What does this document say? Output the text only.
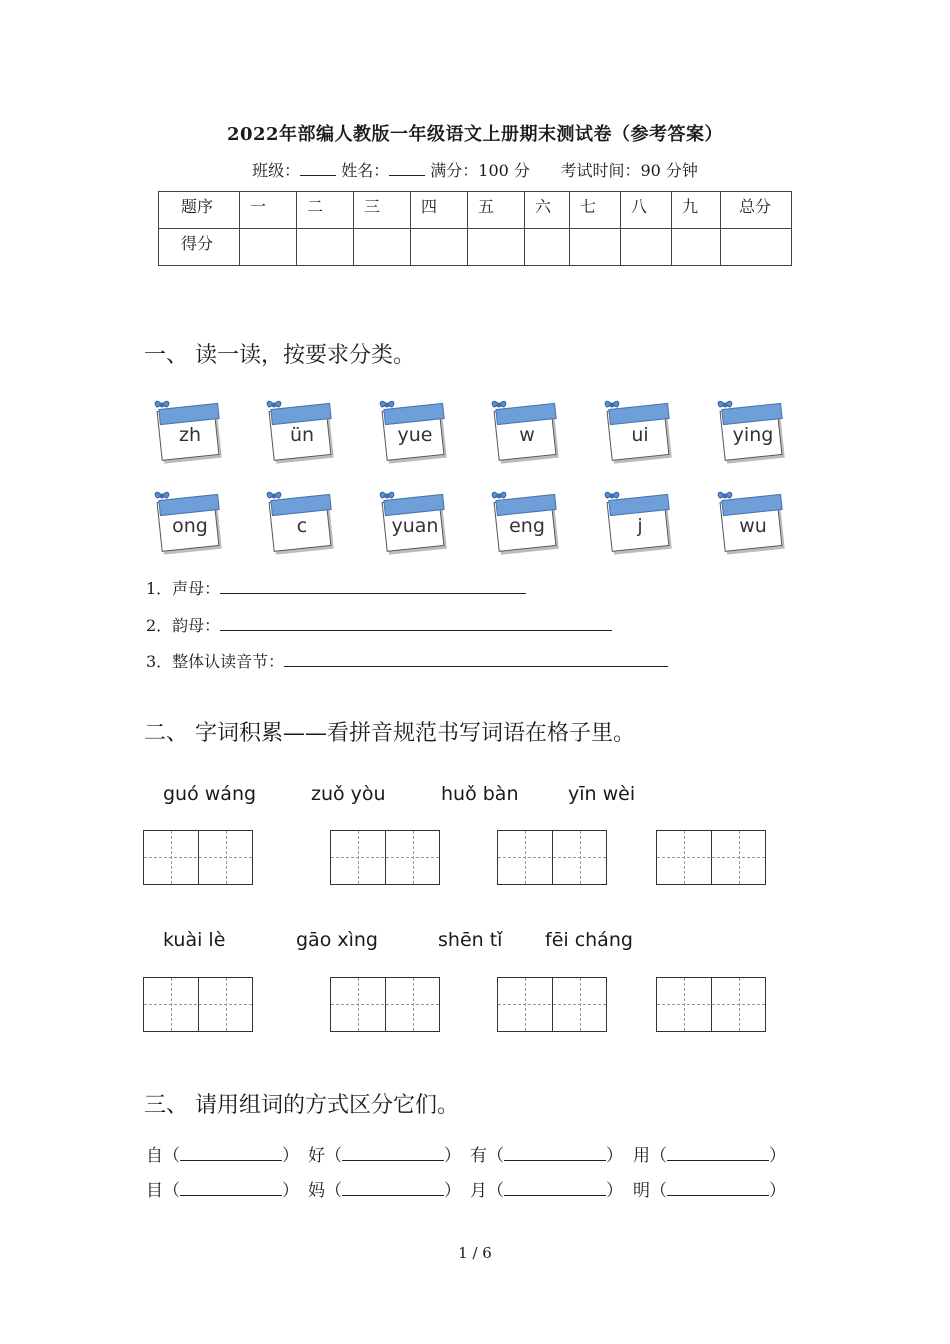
2022年部编人教版一年级语文上册期末测试卷（参考答案）
班级：	姓名：	满分：100 分 考试时间：90 分钟
题序	一	二	三	四	五	六	七	八	九	总分

得分										

一、 读一读，按要求分类。
zh	ün	yue	w	ui	ying
ong	c	yuan	eng	j	wu
1．声母：
2．韵母：
3．整体认读音节：
二、 字词积累——看拼音规范书写词语在格子里。
guó wáng	zuǒ yòu	huǒ bàn	yīn wèi
kuài lè	gāo xìng	shēn tǐ fēi cháng
三、 请用组词的方式区分它们。
自（	） 好（	） 有（	） 用（	）
目（	） 妈（	） 月（	） 明（	）
1 / 6
